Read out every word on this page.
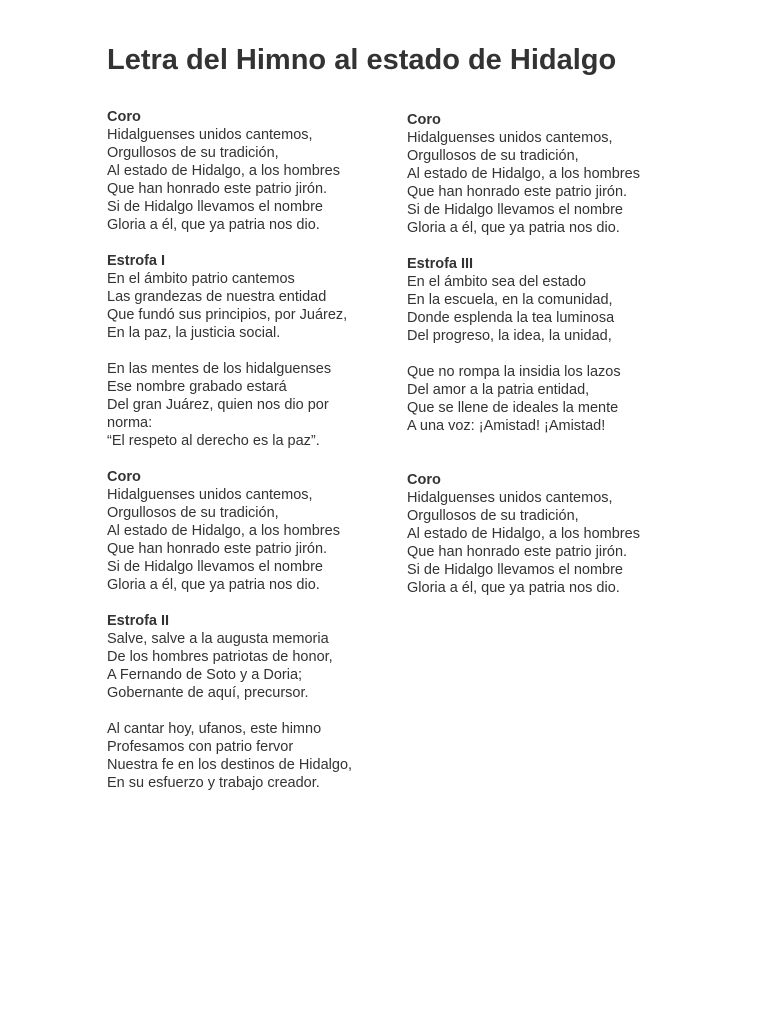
Letra del Himno al estado de Hidalgo
Coro
Hidalguenses unidos cantemos,
Orgullosos de su tradición,
Al estado de Hidalgo, a los hombres
Que han honrado este patrio jirón.
Si de Hidalgo llevamos el nombre
Gloria a él, que ya patria nos dio.
Estrofa I
En el ámbito patrio cantemos
Las grandezas de nuestra entidad
Que fundó sus principios, por Juárez,
En la paz, la justicia social.
En las mentes de los hidalguenses
Ese nombre grabado estará
Del gran Juárez, quien nos dio por
norma:
“El respeto al derecho es la paz”.
Coro
Hidalguenses unidos cantemos,
Orgullosos de su tradición,
Al estado de Hidalgo, a los hombres
Que han honrado este patrio jirón.
Si de Hidalgo llevamos el nombre
Gloria a él, que ya patria nos dio.
Estrofa II
Salve, salve a la augusta memoria
De los hombres patriotas de honor,
A Fernando de Soto y a Doria;
Gobernante de aquí, precursor.
Al cantar hoy, ufanos, este himno
Profesamos con patrio fervor
Nuestra fe en los destinos de Hidalgo,
En su esfuerzo y trabajo creador.
Coro
Hidalguenses unidos cantemos,
Orgullosos de su tradición,
Al estado de Hidalgo, a los hombres
Que han honrado este patrio jirón.
Si de Hidalgo llevamos el nombre
Gloria a él, que ya patria nos dio.
Estrofa III
En el ámbito sea del estado
En la escuela, en la comunidad,
Donde esplenda la tea luminosa
Del progreso, la idea, la unidad,
Que no rompa la insidia los lazos
Del amor a la patria entidad,
Que se llene de ideales la mente
A una voz: ¡Amistad! ¡Amistad!
Coro
Hidalguenses unidos cantemos,
Orgullosos de su tradición,
Al estado de Hidalgo, a los hombres
Que han honrado este patrio jirón.
Si de Hidalgo llevamos el nombre
Gloria a él, que ya patria nos dio.
